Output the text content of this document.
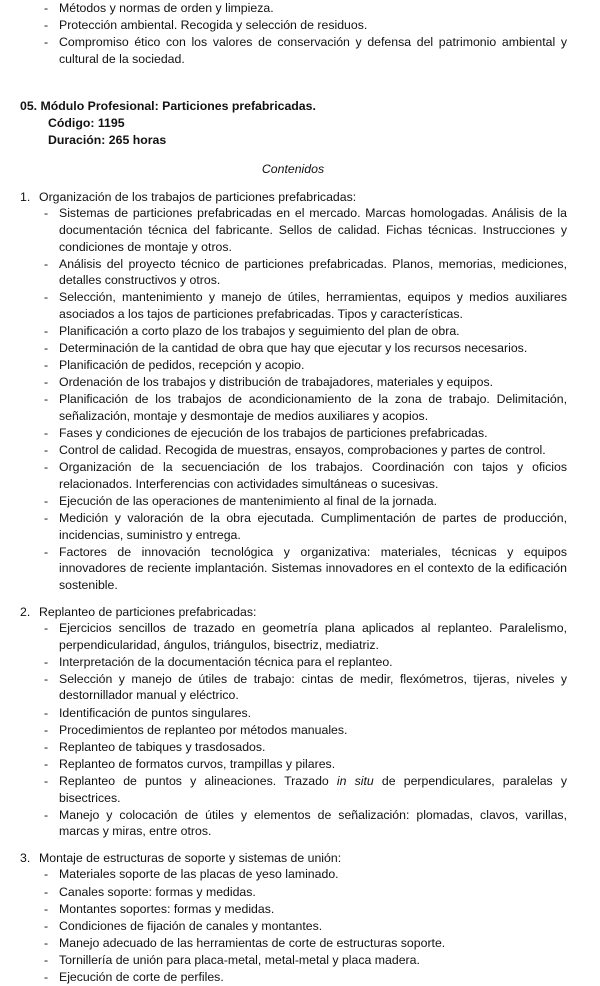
- Métodos y normas de orden y limpieza.
- Protección ambiental. Recogida y selección de residuos.
- Compromiso ético con los valores de conservación y defensa del patrimonio ambiental y cultural de la sociedad.
05. Módulo Profesional: Particiones prefabricadas.
Código: 1195
Duración: 265 horas
Contenidos
1. Organización de los trabajos de particiones prefabricadas:
- Sistemas de particiones prefabricadas en el mercado. Marcas homologadas. Análisis de la documentación técnica del fabricante. Sellos de calidad. Fichas técnicas. Instrucciones y condiciones de montaje y otros.
- Análisis del proyecto técnico de particiones prefabricadas. Planos, memorias, mediciones, detalles constructivos y otros.
- Selección, mantenimiento y manejo de útiles, herramientas, equipos y medios auxiliares asociados a los tajos de particiones prefabricadas. Tipos y características.
- Planificación a corto plazo de los trabajos y seguimiento del plan de obra.
- Determinación de la cantidad de obra que hay que ejecutar y los recursos necesarios.
- Planificación de pedidos, recepción y acopio.
- Ordenación de los trabajos y distribución de trabajadores, materiales y equipos.
- Planificación de los trabajos de acondicionamiento de la zona de trabajo. Delimitación, señalización, montaje y desmontaje de medios auxiliares y acopios.
- Fases y condiciones de ejecución de los trabajos de particiones prefabricadas.
- Control de calidad. Recogida de muestras, ensayos, comprobaciones y partes de control.
- Organización de la secuenciación de los trabajos. Coordinación con tajos y oficios relacionados. Interferencias con actividades simultáneas o sucesivas.
- Ejecución de las operaciones de mantenimiento al final de la jornada.
- Medición y valoración de la obra ejecutada. Cumplimentación de partes de producción, incidencias, suministro y entrega.
- Factores de innovación tecnológica y organizativa: materiales, técnicas y equipos innovadores de reciente implantación. Sistemas innovadores en el contexto de la edificación sostenible.
2. Replanteo de particiones prefabricadas:
- Ejercicios sencillos de trazado en geometría plana aplicados al replanteo. Paralelismo, perpendicularidad, ángulos, triángulos, bisectriz, mediatriz.
- Interpretación de la documentación técnica para el replanteo.
- Selección y manejo de útiles de trabajo: cintas de medir, flexómetros, tijeras, niveles y destornillador manual y eléctrico.
- Identificación de puntos singulares.
- Procedimientos de replanteo por métodos manuales.
- Replanteo de tabiques y trasdosados.
- Replanteo de formatos curvos, trampillas y pilares.
- Replanteo de puntos y alineaciones. Trazado in situ de perpendiculares, paralelas y bisectrices.
- Manejo y colocación de útiles y elementos de señalización: plomadas, clavos, varillas, marcas y miras, entre otros.
3. Montaje de estructuras de soporte y sistemas de unión:
- Materiales soporte de las placas de yeso laminado.
- Canales soporte: formas y medidas.
- Montantes soportes: formas y medidas.
- Condiciones de fijación de canales y montantes.
- Manejo adecuado de las herramientas de corte de estructuras soporte.
- Tornillería de unión para placa-metal, metal-metal y placa madera.
- Ejecución de corte de perfiles.
